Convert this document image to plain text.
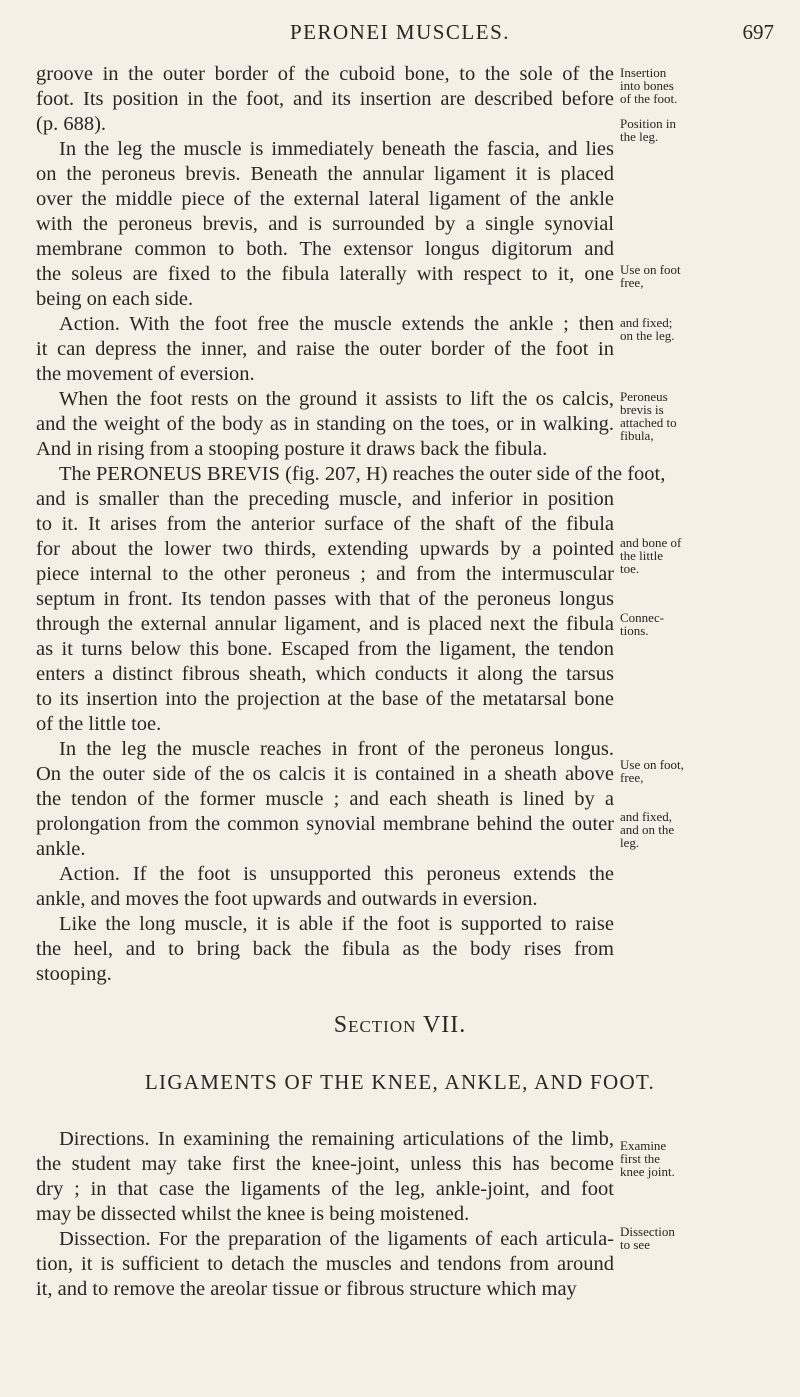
PERONEI MUSCLES.	697
groove in the outer border of the cuboid bone, to the sole of the
foot. Its position in the foot, and its insertion are described before
(p. 688).
In the leg the muscle is immediately beneath the fascia, and lies
on the peroneus brevis. Beneath the annular ligament it is placed
over the middle piece of the external lateral ligament of the ankle
with the peroneus brevis, and is surrounded by a single synovial
membrane common to both. The extensor longus digitorum and
the soleus are fixed to the fibula laterally with respect to it, one
being on each side.
Action. With the foot free the muscle extends the ankle ; then
it can depress the inner, and raise the outer border of the foot in
the movement of eversion.
When the foot rests on the ground it assists to lift the os calcis,
and the weight of the body as in standing on the toes, or in walking.
And in rising from a stooping posture it draws back the fibula.
The PERONEUS BREVIS (fig. 207, H) reaches the outer side of the foot,
and is smaller than the preceding muscle, and inferior in position
to it. It arises from the anterior surface of the shaft of the fibula
for about the lower two thirds, extending upwards by a pointed
piece internal to the other peroneus ; and from the intermuscular
septum in front. Its tendon passes with that of the peroneus longus
through the external annular ligament, and is placed next the fibula
as it turns below this bone. Escaped from the ligament, the tendon
enters a distinct fibrous sheath, which conducts it along the tarsus
to its insertion into the projection at the base of the metatarsal bone
of the little toe.
In the leg the muscle reaches in front of the peroneus longus.
On the outer side of the os calcis it is contained in a sheath above
the tendon of the former muscle ; and each sheath is lined by a
prolongation from the common synovial membrane behind the outer
ankle.
Action. If the foot is unsupported this peroneus extends the
ankle, and moves the foot upwards and outwards in eversion.
Like the long muscle, it is able if the foot is supported to raise
the heel, and to bring back the fibula as the body rises from
stooping.
Section VII.
LIGAMENTS OF THE KNEE, ANKLE, AND FOOT.
Directions. In examining the remaining articulations of the limb,
the student may take first the knee-joint, unless this has become
dry ; in that case the ligaments of the leg, ankle-joint, and foot
may be dissected whilst the knee is being moistened.
Dissection. For the preparation of the ligaments of each articula-
tion, it is sufficient to detach the muscles and tendons from around
it, and to remove the areolar tissue or fibrous structure which may
Insertion
into bones
of the foot.
Position in
the leg.
Use on foot
free,
and fixed;
on the leg.
Peroneus
brevis is
attached to
fibula,
and bone of
the little
toe.
Connec-
tions.
Use on foot,
free,
and fixed,
and on the
leg.
Examine
first the
knee joint.
Dissection
to see
